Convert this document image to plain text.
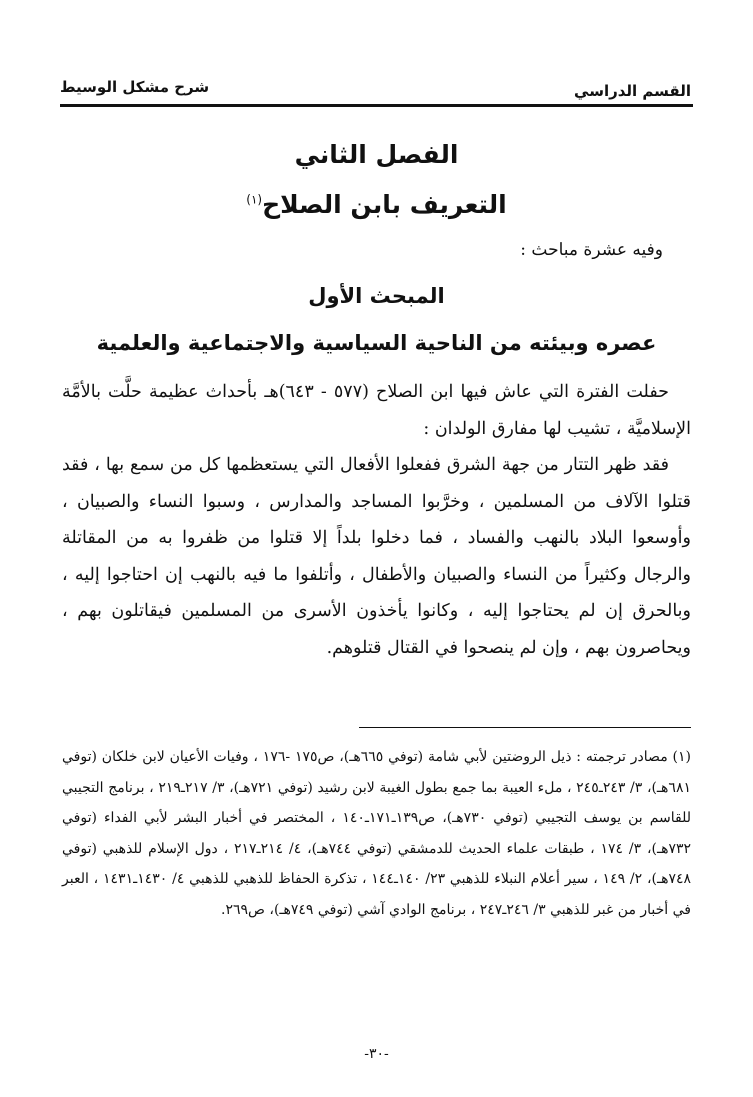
القسم الدراسي
شرح مشكل الوسيط
الفصل الثاني
التعريف بابن الصلاح$^{(١)}$
وفيه عشرة مباحث :
المبحث الأول
عصره وبيئته من الناحية السياسية والاجتماعية والعلمية

حفلت الفترة التي عاش فيها ابن الصلاح (٥٧٧ - ٦٤٣)هـ بأحداث عظيمة حلَّت بالأمَّة الإسلاميَّة ، تشيب لها مفارق الولدان :

فقد ظهر التتار من جهة الشرق ففعلوا الأفعال التي يستعظمها كل من سمع بها ، فقد قتلوا الآلاف من المسلمين ، وخرَّبوا المساجد والمدارس ، وسبوا النساء والصبيان ، وأوسعوا البلاد بالنهب والفساد ، فما دخلوا بلداً إلا قتلوا من ظفروا به من المقاتلة والرجال وكثيراً من النساء والصبيان والأطفال ، وأتلفوا ما فيه بالنهب إن احتاجوا إليه ، وبالحرق إن لم يحتاجوا إليه ، وكانوا يأخذون الأسرى من المسلمين فيقاتلون بهم ، ويحاصرون بهم ، وإن لم ينصحوا في القتال قتلوهم.

(١) مصادر ترجمته : ذيل الروضتين لأبي شامة (توفي ٦٦٥هـ)، ص١٧٥ -١٧٦ ، وفيات الأعيان لابن خلكان (توفي ٦٨١هـ)، ٣/ ٢٤٣ـ٢٤٥ ، ملء العيبة بما جمع بطول الغيبة لابن رشيد (توفي ٧٢١هـ)، ٣/ ٢١٧ـ٢١٩ ، برنامج التجيبي للقاسم بن يوسف التجيبي (توفي ٧٣٠هـ)، ص١٣٩ـ١٧١ـ١٤٠ ، المختصر في أخبار البشر لأبي الفداء (توفي ٧٣٢هـ)، ٣/ ١٧٤ ، طبقات علماء الحديث للدمشقي (توفي ٧٤٤هـ)، ٤/ ٢١٤ـ٢١٧ ، دول الإسلام للذهبي (توفي ٧٤٨هـ)، ٢/ ١٤٩ ، سير أعلام النبلاء للذهبي ٢٣/ ١٤٠ـ١٤٤ ، تذكرة الحفاظ للذهبي للذهبي ٤/ ١٤٣٠ـ١٤٣١ ، العبر في أخبار من غبر للذهبي ٣/ ٢٤٦ـ٢٤٧ ، برنامج الوادي آشي (توفي ٧٤٩هـ)، ص٢٦٩.

-٣٠-
